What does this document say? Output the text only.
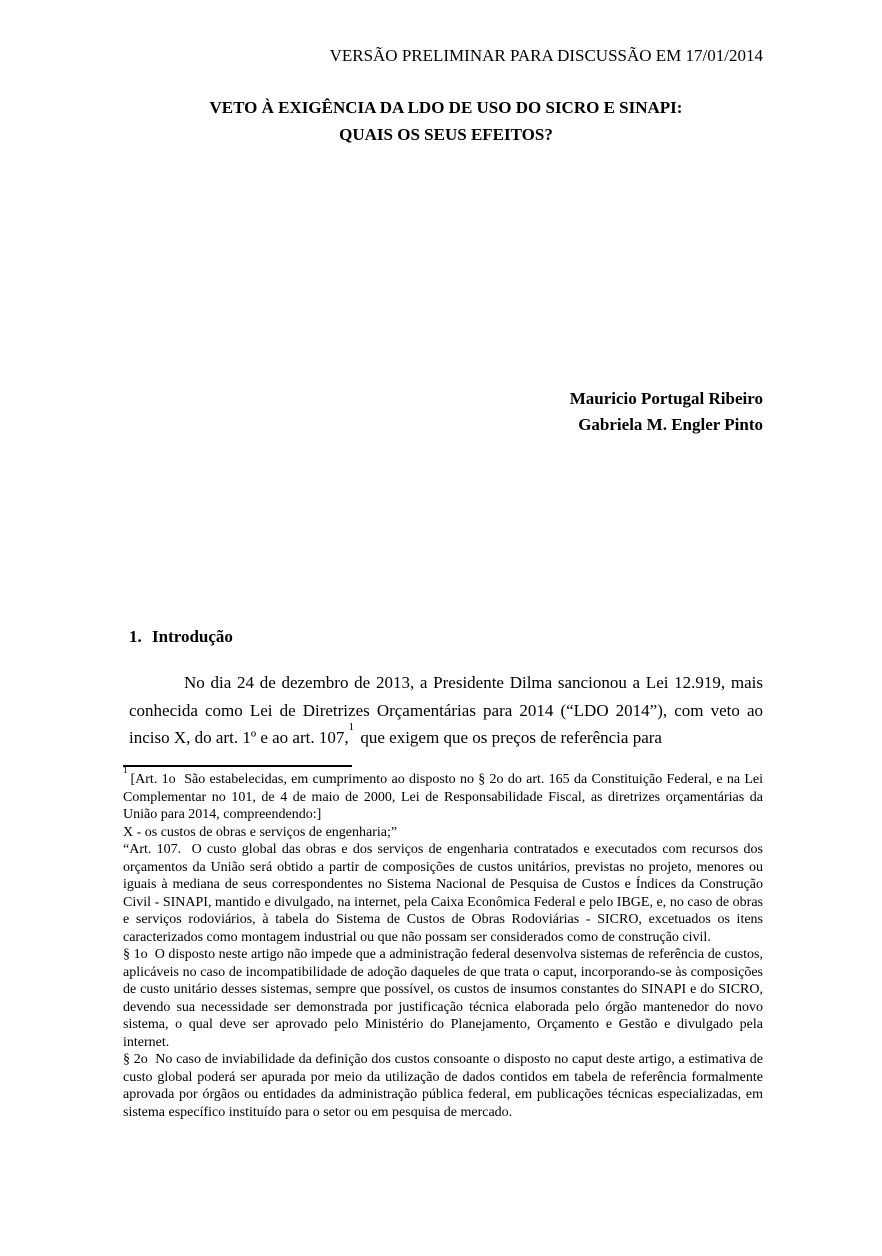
VERSÃO PRELIMINAR PARA DISCUSSÃO EM 17/01/2014
VETO À EXIGÊNCIA DA LDO DE USO DO SICRO E SINAPI:
QUAIS OS SEUS EFEITOS?
Mauricio Portugal Ribeiro
Gabriela M. Engler Pinto
1. Introdução

No dia 24 de dezembro de 2013, a Presidente Dilma sancionou a Lei 12.919, mais conhecida como Lei de Diretrizes Orçamentárias para 2014 (“LDO 2014”), com veto ao inciso X, do art. 1º e ao art. 107,$^1$ que exigem que os preços de referência para

$^1$[Art. 1o  São estabelecidas, em cumprimento ao disposto no § 2o do art. 165 da Constituição Federal, e na Lei Complementar no 101, de 4 de maio de 2000, Lei de Responsabilidade Fiscal, as diretrizes orçamentárias da União para 2014, compreendendo:]

X - os custos de obras e serviços de engenharia;”

“Art. 107.  O custo global das obras e dos serviços de engenharia contratados e executados com recursos dos orçamentos da União será obtido a partir de composições de custos unitários, previstas no projeto, menores ou iguais à mediana de seus correspondentes no Sistema Nacional de Pesquisa de Custos e Índices da Construção Civil - SINAPI, mantido e divulgado, na internet, pela Caixa Econômica Federal e pelo IBGE, e, no caso de obras e serviços rodoviários, à tabela do Sistema de Custos de Obras Rodoviárias - SICRO, excetuados os itens caracterizados como montagem industrial ou que não possam ser considerados como de construção civil.

§ 1o  O disposto neste artigo não impede que a administração federal desenvolva sistemas de referência de custos, aplicáveis no caso de incompatibilidade de adoção daqueles de que trata o caput, incorporando-se às composições de custo unitário desses sistemas, sempre que possível, os custos de insumos constantes do SINAPI e do SICRO, devendo sua necessidade ser demonstrada por justificação técnica elaborada pelo órgão mantenedor do novo sistema, o qual deve ser aprovado pelo Ministério do Planejamento, Orçamento e Gestão e divulgado pela internet.

§ 2o  No caso de inviabilidade da definição dos custos consoante o disposto no caput deste artigo, a estimativa de custo global poderá ser apurada por meio da utilização de dados contidos em tabela de referência formalmente aprovada por órgãos ou entidades da administração pública federal, em publicações técnicas especializadas, em sistema específico instituído para o setor ou em pesquisa de mercado.
